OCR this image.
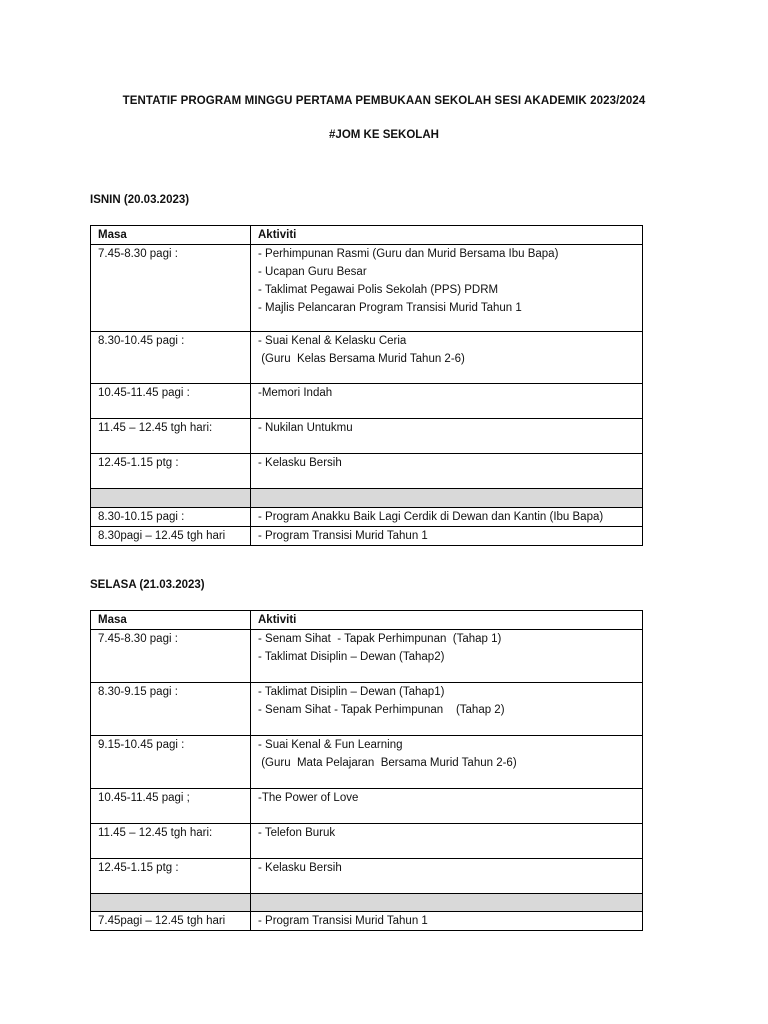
TENTATIF PROGRAM MINGGU PERTAMA PEMBUKAAN SEKOLAH SESI AKADEMIK 2023/2024
#JOM KE SEKOLAH
ISNIN (20.03.2023)
Masa	Aktiviti
7.45-8.30 pagi :	- Perhimpunan Rasmi (Guru dan Murid Bersama Ibu Bapa)
- Ucapan Guru Besar
- Taklimat Pegawai Polis Sekolah (PPS) PDRM
- Majlis Pelancaran Program Transisi Murid Tahun 1

8.30-10.45 pagi :	- Suai Kenal & Kelasku Ceria
(Guru  Kelas Bersama Murid Tahun 2-6)

10.45-11.45 pagi :	-Memori Indah

11.45 – 12.45 tgh hari:	- Nukilan Untukmu

12.45-1.15 ptg :	- Kelasku Bersih

8.30-10.15 pagi :	- Program Anakku Baik Lagi Cerdik di Dewan dan Kantin (Ibu Bapa)

8.30pagi – 12.45 tgh hari	- Program Transisi Murid Tahun 1
SELASA (21.03.2023)
Masa	Aktiviti
7.45-8.30 pagi :	- Senam Sihat  - Tapak Perhimpunan  (Tahap 1)
- Taklimat Disiplin – Dewan (Tahap2)

8.30-9.15 pagi :	- Taklimat Disiplin – Dewan (Tahap1)
- Senam Sihat - Tapak Perhimpunan    (Tahap 2)

9.15-10.45 pagi :	- Suai Kenal & Fun Learning
(Guru  Mata Pelajaran  Bersama Murid Tahun 2-6)

10.45-11.45 pagi ;	-The Power of Love

11.45 – 12.45 tgh hari:	- Telefon Buruk

12.45-1.15 ptg :	- Kelasku Bersih

7.45pagi – 12.45 tgh hari	- Program Transisi Murid Tahun 1
